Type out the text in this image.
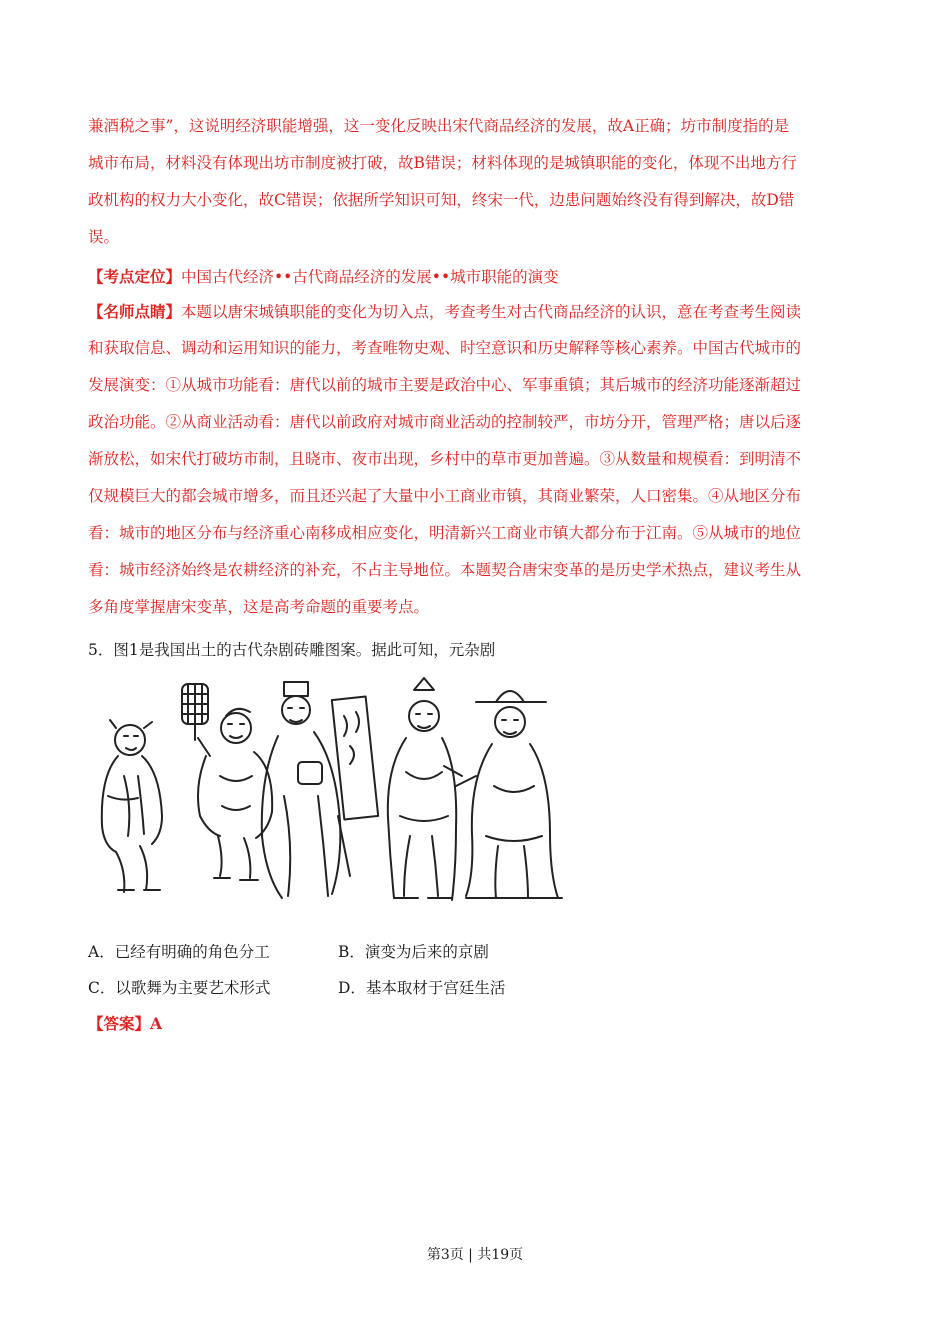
兼酒税之事”，这说明经济职能增强，这一变化反映出宋代商品经济的发展，故A正确；坊市制度指的是
城市布局，材料没有体现出坊市制度被打破，故B错误；材料体现的是城镇职能的变化，体现不出地方行
政机构的权力大小变化，故C错误；依据所学知识可知，终宋一代，边患问题始终没有得到解决，故D错
误。
【考点定位】中国古代经济••古代商品经济的发展••城市职能的演变
【名师点睛】本题以唐宋城镇职能的变化为切入点，考查考生对古代商品经济的认识，意在考查考生阅读
和获取信息、调动和运用知识的能力，考查唯物史观、时空意识和历史解释等核心素养。中国古代城市的
发展演变：①从城市功能看：唐代以前的城市主要是政治中心、军事重镇；其后城市的经济功能逐渐超过
政治功能。②从商业活动看：唐代以前政府对城市商业活动的控制较严，市坊分开，管理严格；唐以后逐
渐放松，如宋代打破坊市制，且晓市、夜市出现，乡村中的草市更加普遍。③从数量和规模看：到明清不
仅规模巨大的都会城市增多，而且还兴起了大量中小工商业市镇，其商业繁荣，人口密集。④从地区分布
看：城市的地区分布与经济重心南移成相应变化，明清新兴工商业市镇大都分布于江南。⑤从城市的地位
看：城市经济始终是农耕经济的补充，不占主导地位。本题契合唐宋变革的是历史学术热点，建议考生从
多角度掌握唐宋变革，这是高考命题的重要考点。
5．图1是我国出土的古代杂剧砖雕图案。据此可知，元杂剧
A．已经有明确的角色分工	B．演变为后来的京剧
C．以歌舞为主要艺术形式	D．基本取材于宫廷生活
【答案】A
第3页 | 共19页
